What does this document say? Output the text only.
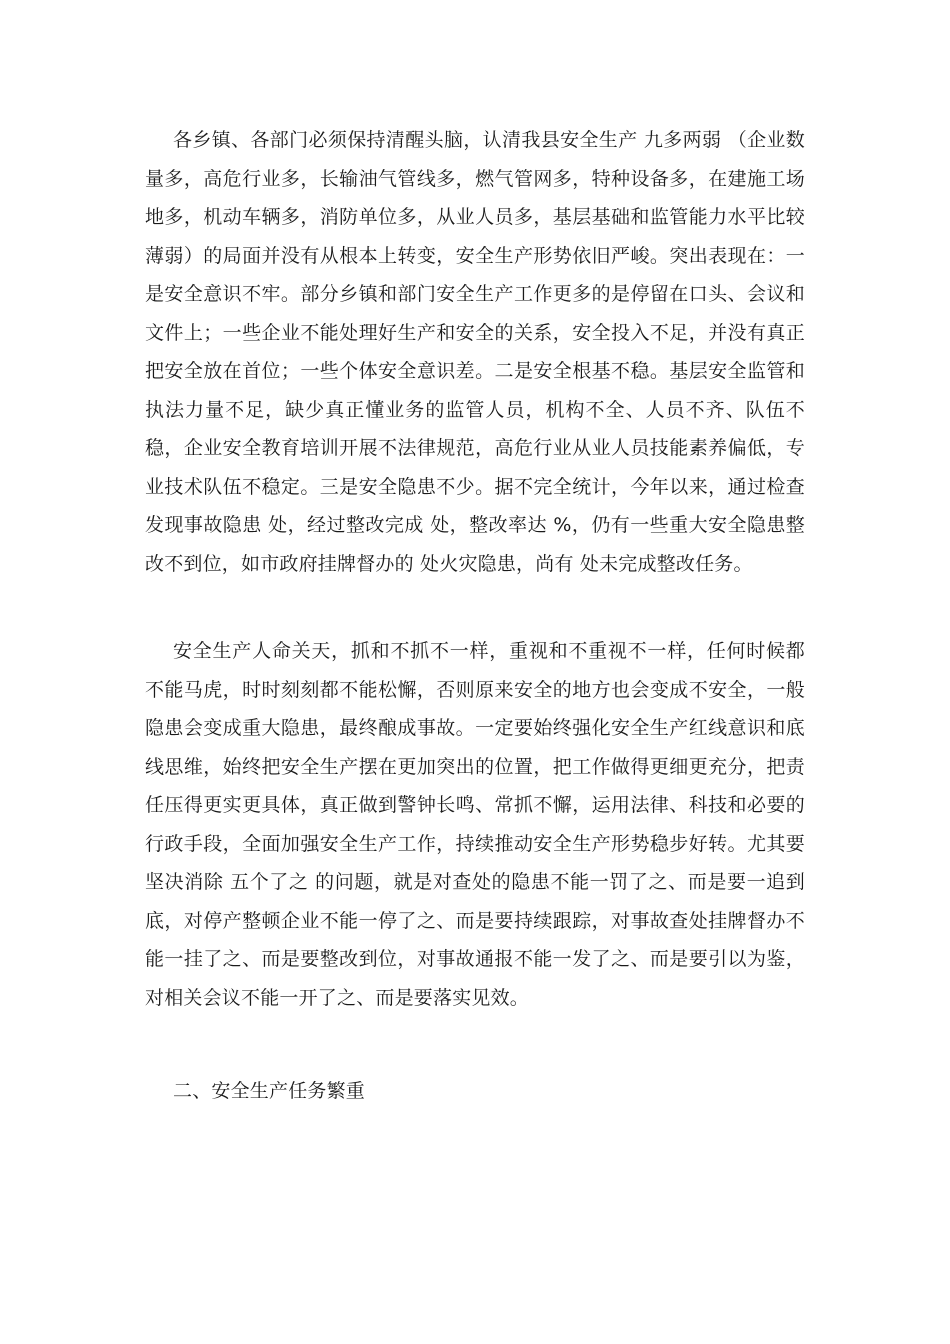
各乡镇、各部门必须保持清醒头脑，认清我县安全生产 九多两弱 （企业数量多，高危行业多，长输油气管线多，燃气管网多，特种设备多，在建施工场地多，机动车辆多，消防单位多，从业人员多，基层基础和监管能力水平比较薄弱）的局面并没有从根本上转变，安全生产形势依旧严峻。突出表现在：一是安全意识不牢。部分乡镇和部门安全生产工作更多的是停留在口头、会议和文件上；一些企业不能处理好生产和安全的关系，安全投入不足，并没有真正把安全放在首位；一些个体安全意识差。二是安全根基不稳。基层安全监管和执法力量不足，缺少真正懂业务的监管人员，机构不全、人员不齐、队伍不稳，企业安全教育培训开展不法律规范，高危行业从业人员技能素养偏低，专业技术队伍不稳定。三是安全隐患不少。据不完全统计，今年以来，通过检查发现事故隐患 处，经过整改完成 处，整改率达 %，仍有一些重大安全隐患整改不到位，如市政府挂牌督办的 处火灾隐患，尚有 处未完成整改任务。

安全生产人命关天，抓和不抓不一样，重视和不重视不一样，任何时候都不能马虎，时时刻刻都不能松懈，否则原来安全的地方也会变成不安全，一般隐患会变成重大隐患，最终酿成事故。一定要始终强化安全生产红线意识和底线思维，始终把安全生产摆在更加突出的位置，把工作做得更细更充分，把责任压得更实更具体，真正做到警钟长鸣、常抓不懈，运用法律、科技和必要的行政手段，全面加强安全生产工作，持续推动安全生产形势稳步好转。尤其要坚决消除 五个了之 的问题，就是对查处的隐患不能一罚了之、而是要一追到底，对停产整顿企业不能一停了之、而是要持续跟踪，对事故查处挂牌督办不能一挂了之、而是要整改到位，对事故通报不能一发了之、而是要引以为鉴，对相关会议不能一开了之、而是要落实见效。

二、安全生产任务繁重
